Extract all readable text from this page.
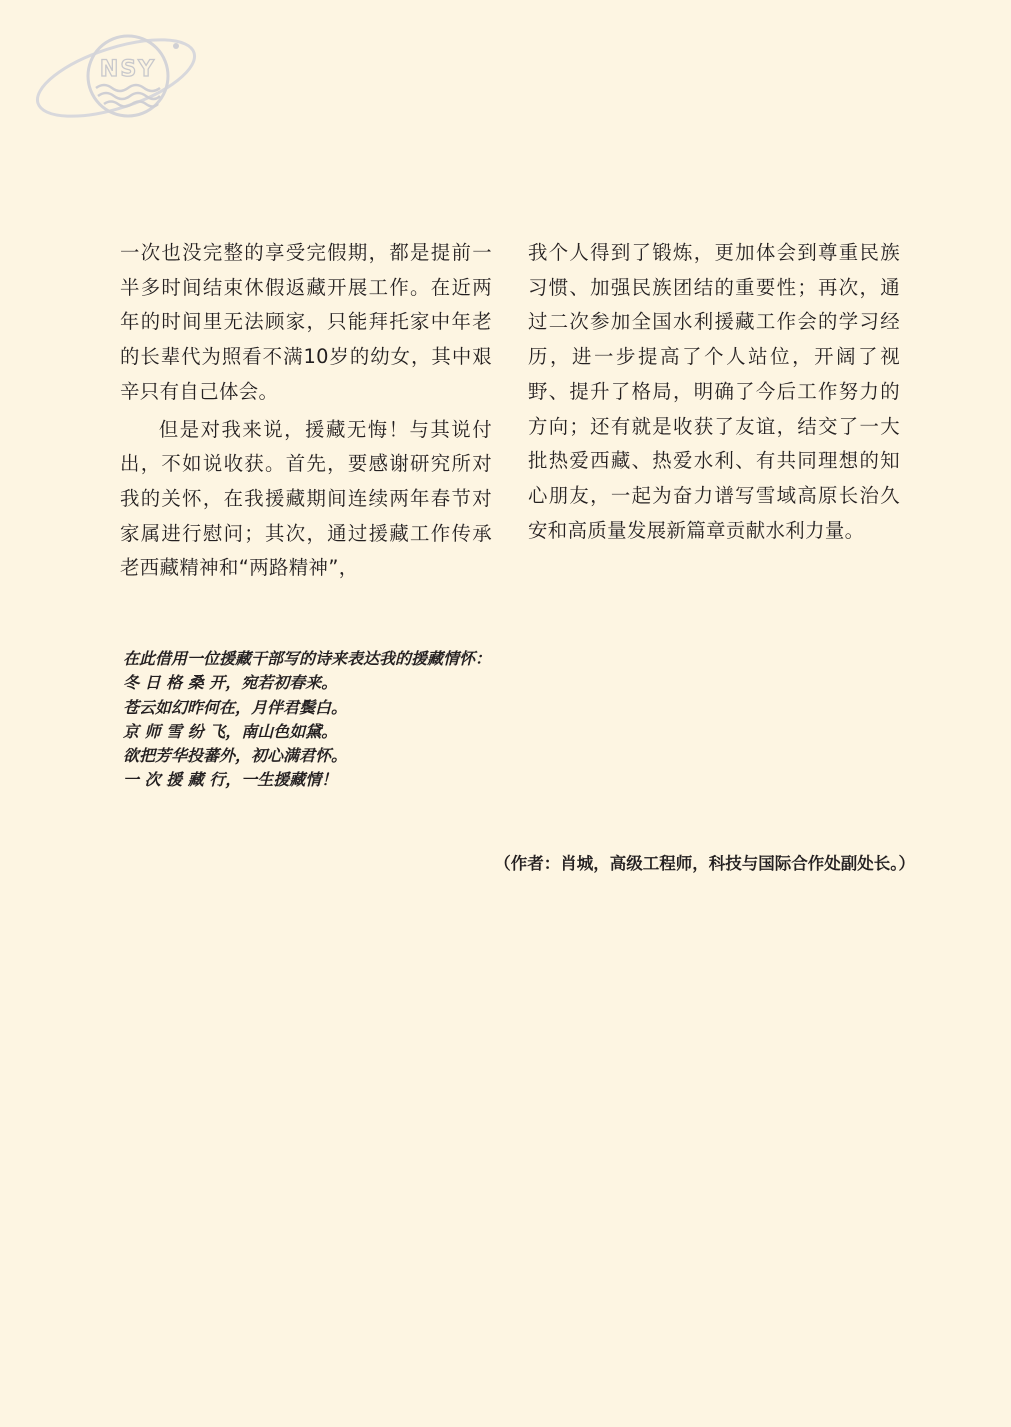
NSY

一次也没完整的享受完假期，都是提前一半多时间结束休假返藏开展工作。在近两年的时间里无法顾家，只能拜托家中年老的长辈代为照看不满10岁的幼女，其中艰辛只有自己体会。

但是对我来说，援藏无悔！与其说付出，不如说收获。首先，要感谢研究所对我的关怀，在我援藏期间连续两年春节对家属进行慰问；其次，通过援藏工作传承老西藏精神和“两路精神”，

我个人得到了锻炼，更加体会到尊重民族习惯、加强民族团结的重要性；再次，通过二次参加全国水利援藏工作会的学习经历，进一步提高了个人站位，开阔了视野、提升了格局，明确了今后工作努力的方向；还有就是收获了友谊，结交了一大批热爱西藏、热爱水利、有共同理想的知心朋友，一起为奋力谱写雪域高原长治久安和高质量发展新篇章贡献水利力量。

在此借用一位援藏干部写的诗来表达我的援藏情怀：
冬 日 格 桑 开，宛若初春来。
苍云如幻昨何在，月伴君鬓白。
京 师 雪 纷 飞，南山色如黛。
欲把芳华投蕃外，初心满君怀。
一 次 援 藏 行，一生援藏情！
（作者：肖城，高级工程师，科技与国际合作处副处长。）
